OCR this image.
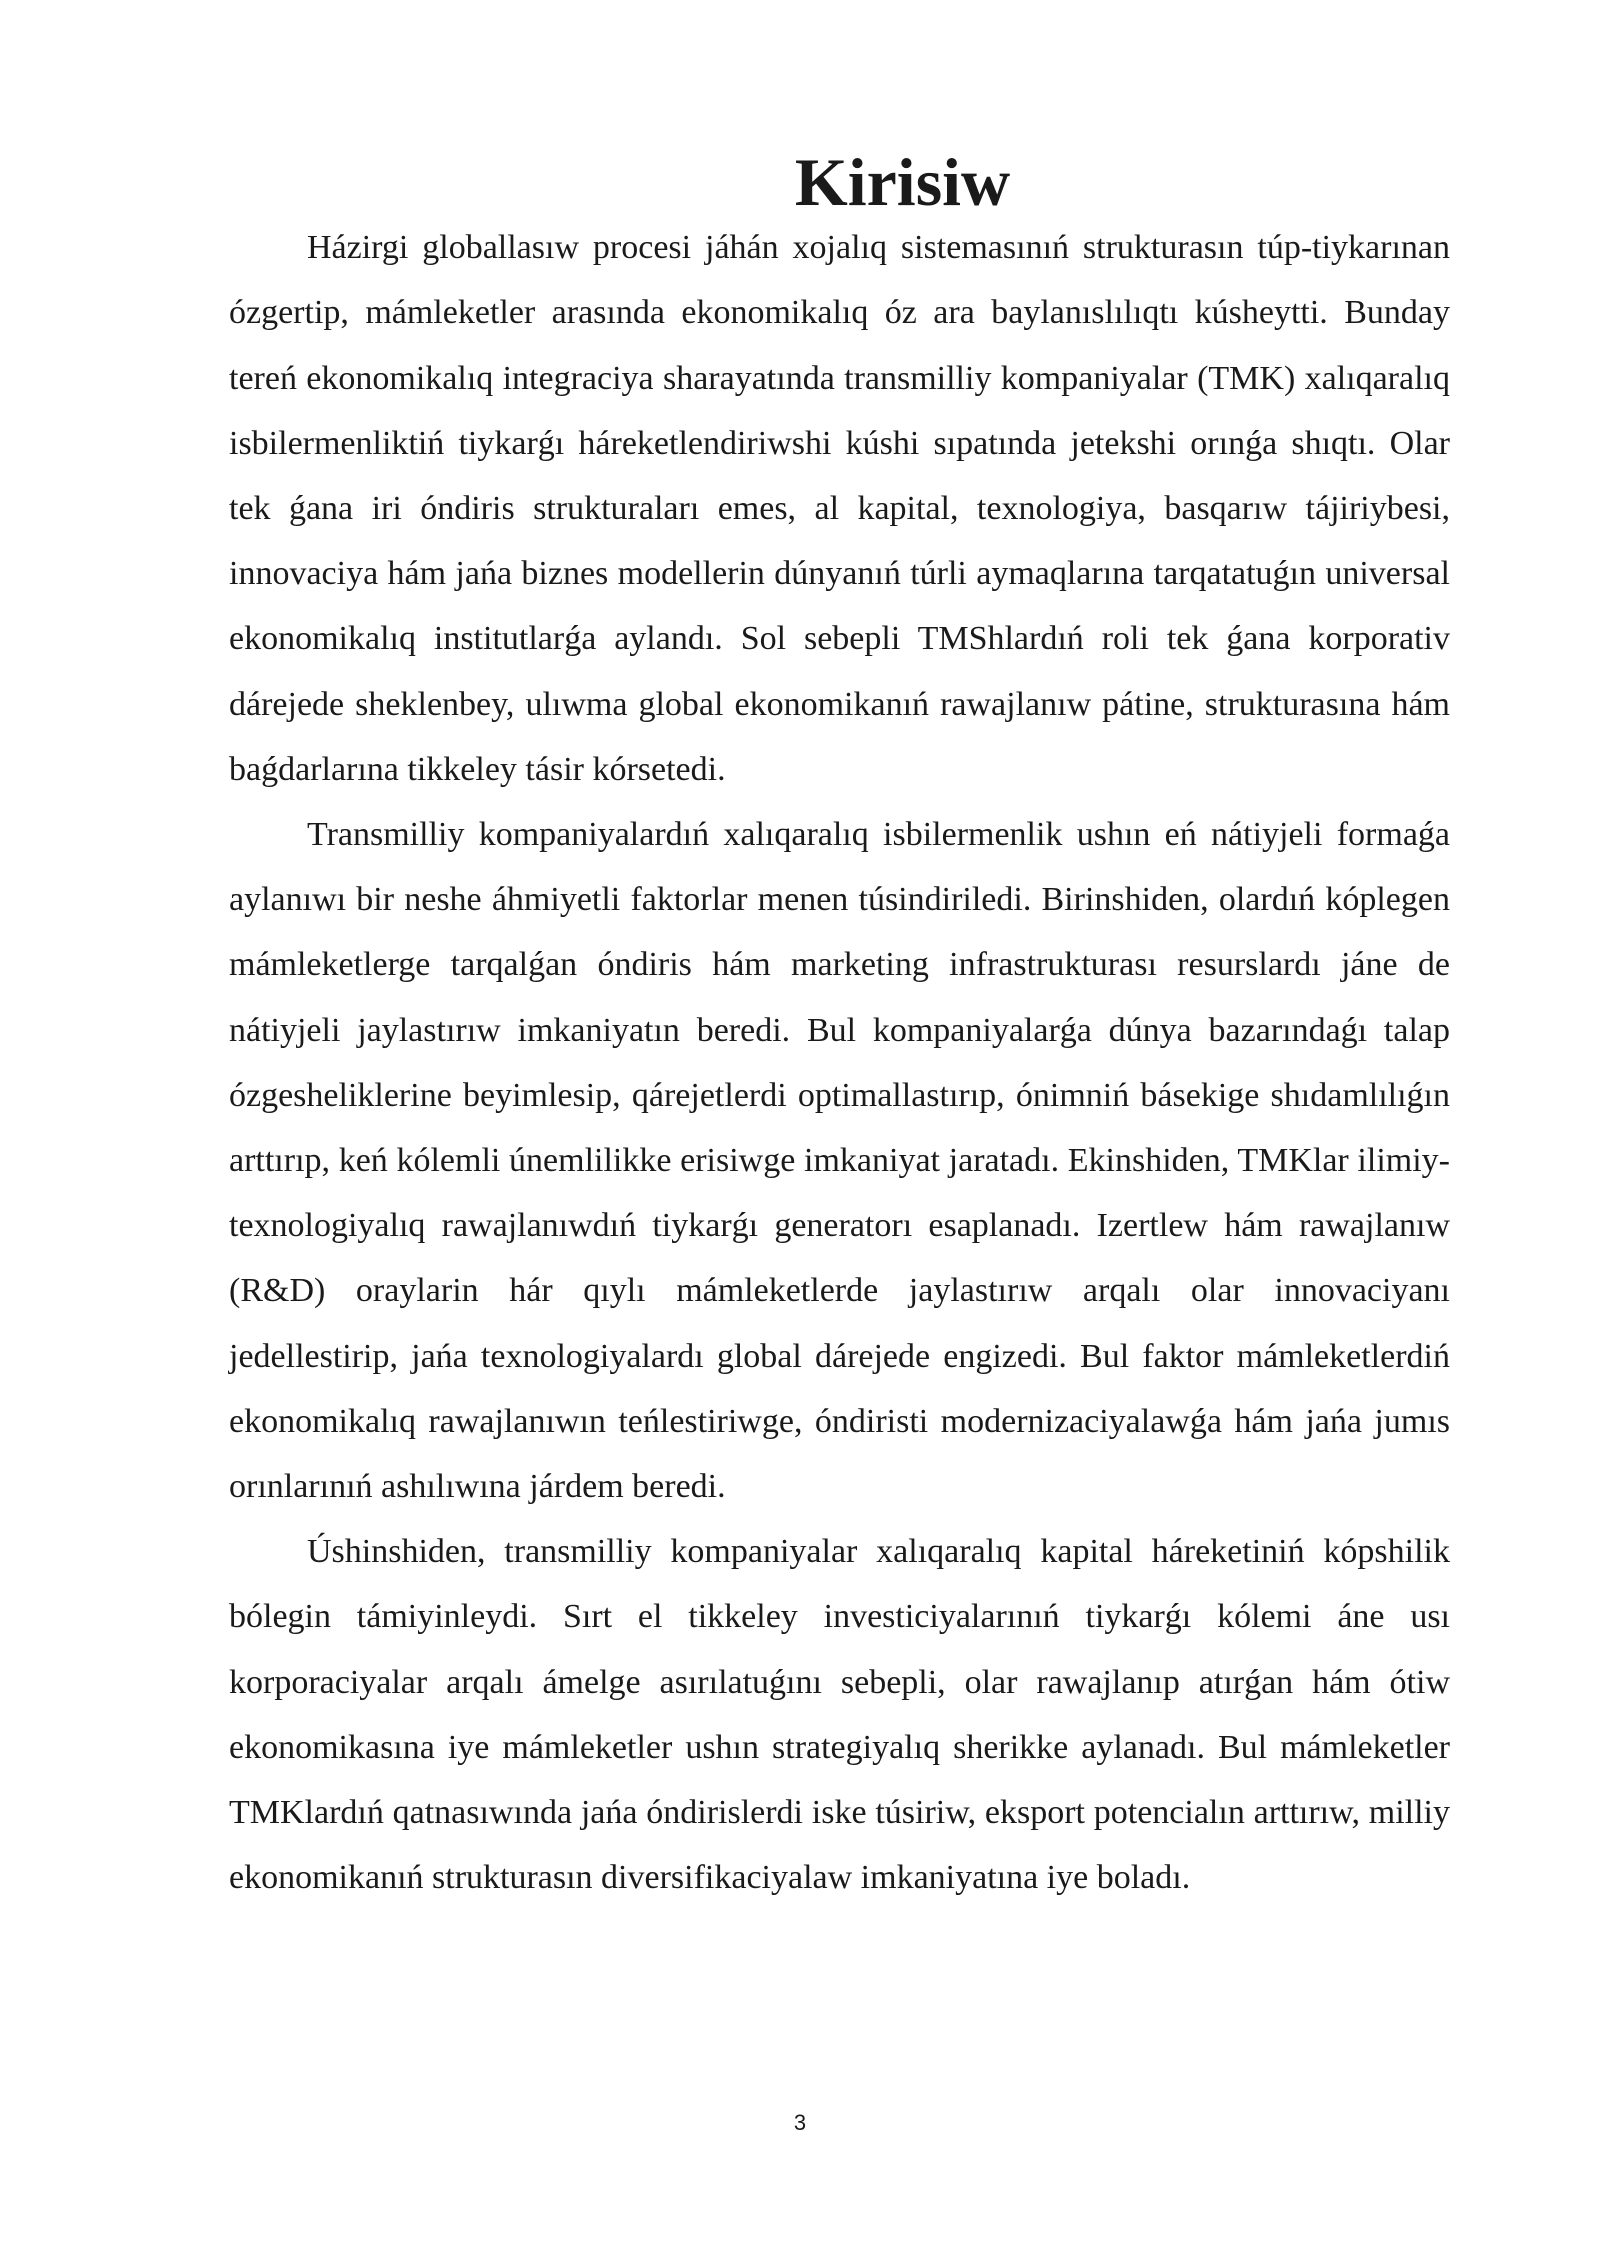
Kirisiw

Házirgi globallasıw procesi jáhán xojalıq sistemasınıń strukturasın túp-tiykarınan ózgertip, mámleketler arasında ekonomikalıq óz ara baylanıslılıqtı kúsheytti. Bunday tereń ekonomikalıq integraciya sharayatında transmilliy kompaniyalar (TMK) xalıqaralıq isbilermenliktiń tiykarǵı háreketlendiriwshi kúshi sıpatında jetekshi orınǵa shıqtı. Olar tek ǵana iri óndiris strukturaları emes, al kapital, texnologiya, basqarıw tájiriybesi, innovaciya hám jańa biznes modellerin dúnyanıń túrli aymaqlarına tarqatatuǵın universal ekonomikalıq institutlarǵa aylandı. Sol sebepli TMShlardıń roli tek ǵana korporativ dárejede sheklenbey, ulıwma global ekonomikanıń rawajlanıw pátine, strukturasına hám baǵdarlarına tikkeley tásir kórsetedi.

Transmilliy kompaniyalardıń xalıqaralıq isbilermenlik ushın eń nátiyjeli formaǵa aylanıwı bir neshe áhmiyetli faktorlar menen túsindiriledi. Birinshiden, olardıń kóplegen mámleketlerge tarqalǵan óndiris hám marketing infrastrukturası resurslardı jáne de nátiyjeli jaylastırıw imkaniyatın beredi. Bul kompaniyalarǵa dúnya bazarındaǵı talap ózgesheliklerine beyimlesip, qárejetlerdi optimallastırıp, ónimniń básekige shıdamlılıǵın arttırıp, keń kólemli únemlilikke erisiwge imkaniyat jaratadı. Ekinshiden, TMKlar ilimiy-texnologiyalıq rawajlanıwdıń tiykarǵı generatorı esaplanadı. Izertlew hám rawajlanıw (R&D) oraylarin hár qıylı mámleketlerde jaylastırıw arqalı olar innovaciyanı jedellestirip, jańa texnologiyalardı global dárejede engizedi. Bul faktor mámleketlerdiń ekonomikalıq rawajlanıwın teńlestiriwge, óndiristi modernizaciyalawǵa hám jańa jumıs orınlarınıń ashılıwına járdem beredi.

Úshinshiden, transmilliy kompaniyalar xalıqaralıq kapital háreketiniń kópshilik bólegin támiyinleydi. Sırt el tikkeley investiciyalarınıń tiykarǵı kólemi áne usı korporaciyalar arqalı ámelge asırılatuǵını sebepli, olar rawajlanıp atırǵan hám ótiw ekonomikasına iye mámleketler ushın strategiyalıq sherikke aylanadı. Bul mámleketler TMKlardıń qatnasıwında jańa óndirislerdi iske túsiriw, eksport potencialın arttırıw, milliy ekonomikanıń strukturasın diversifikaciyalaw imkaniyatına iye boladı.

3
